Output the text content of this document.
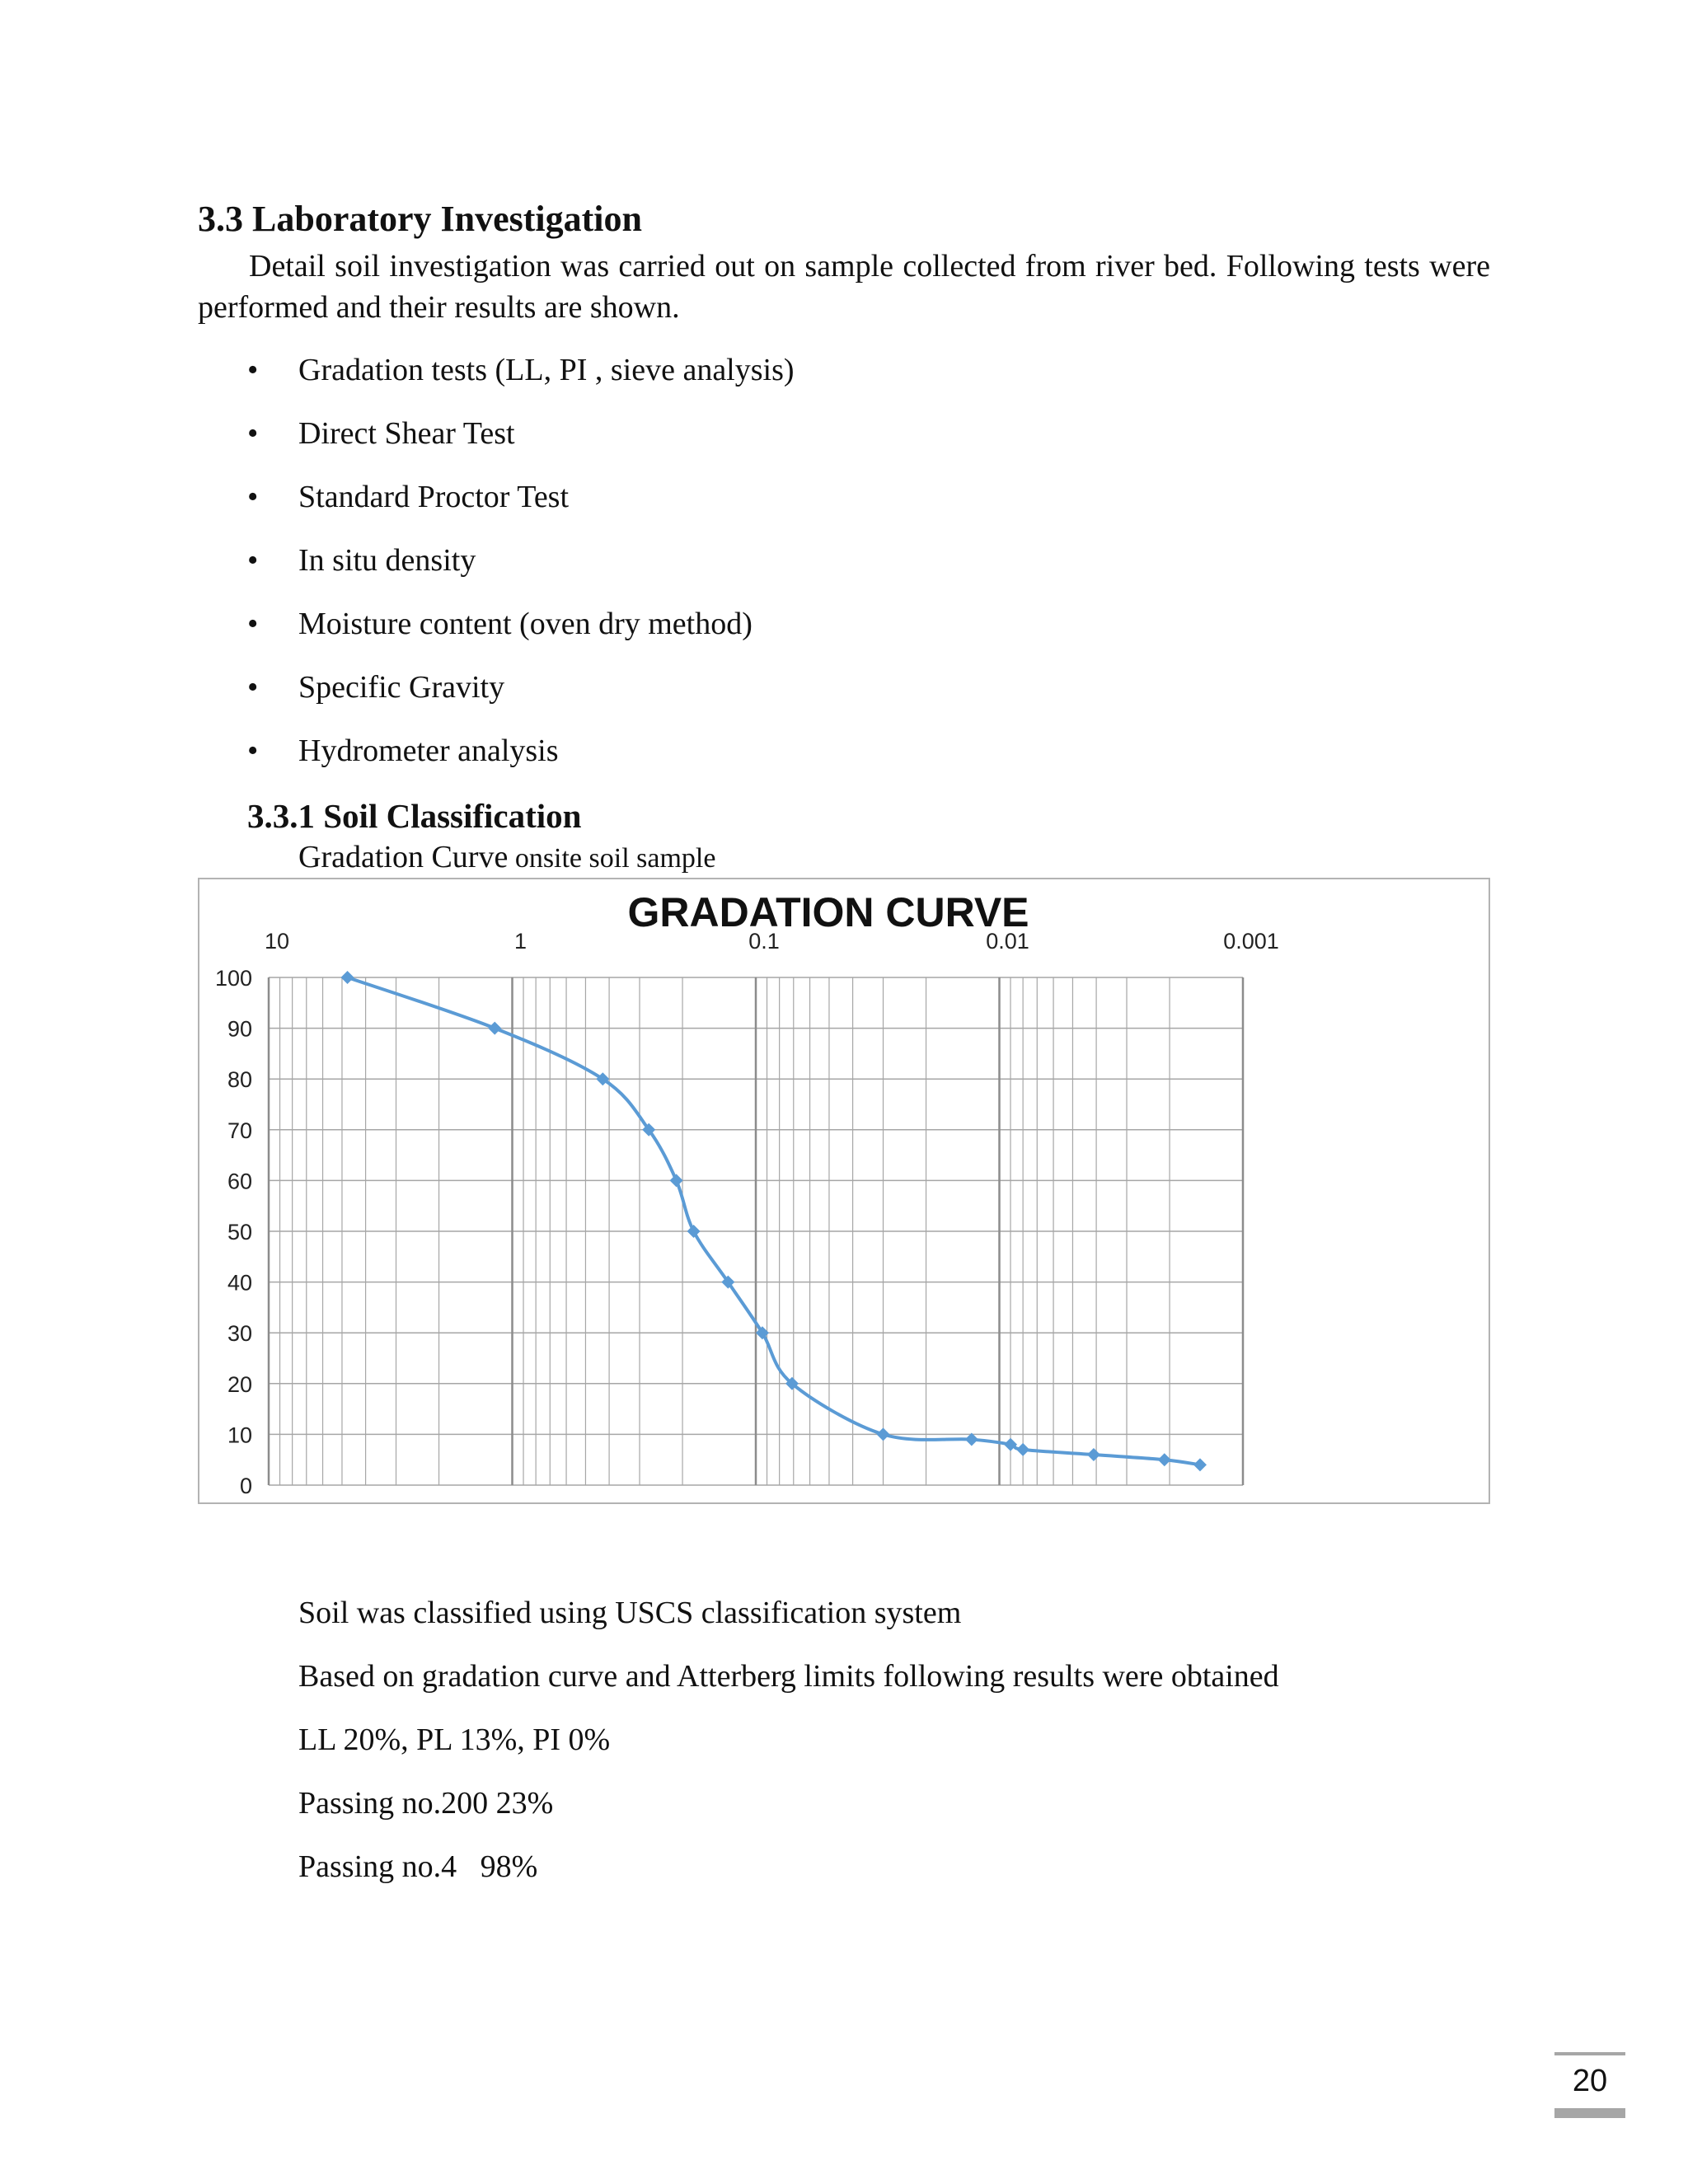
3.3 Laboratory Investigation

Detail soil investigation was carried out on sample collected from river bed. Following tests were performed and their results are shown.

• Gradation tests (LL, PI , sieve analysis)
• Direct Shear Test
• Standard Proctor Test
• In situ density
• Moisture content (oven dry method)
• Specific Gravity
• Hydrometer analysis
3.3.1 Soil Classification

Gradation Curve onsite soil sample

0
10
20
30
40
50
60
70
80
90
100
10	1	0.1	0.01	0.001
GRADATION CURVE
Soil was classified using USCS classification system
Based on gradation curve and Atterberg limits following results were obtained
LL 20%, PL 13%, PI 0%
Passing no.200 23%
Passing no.4   98%
20
